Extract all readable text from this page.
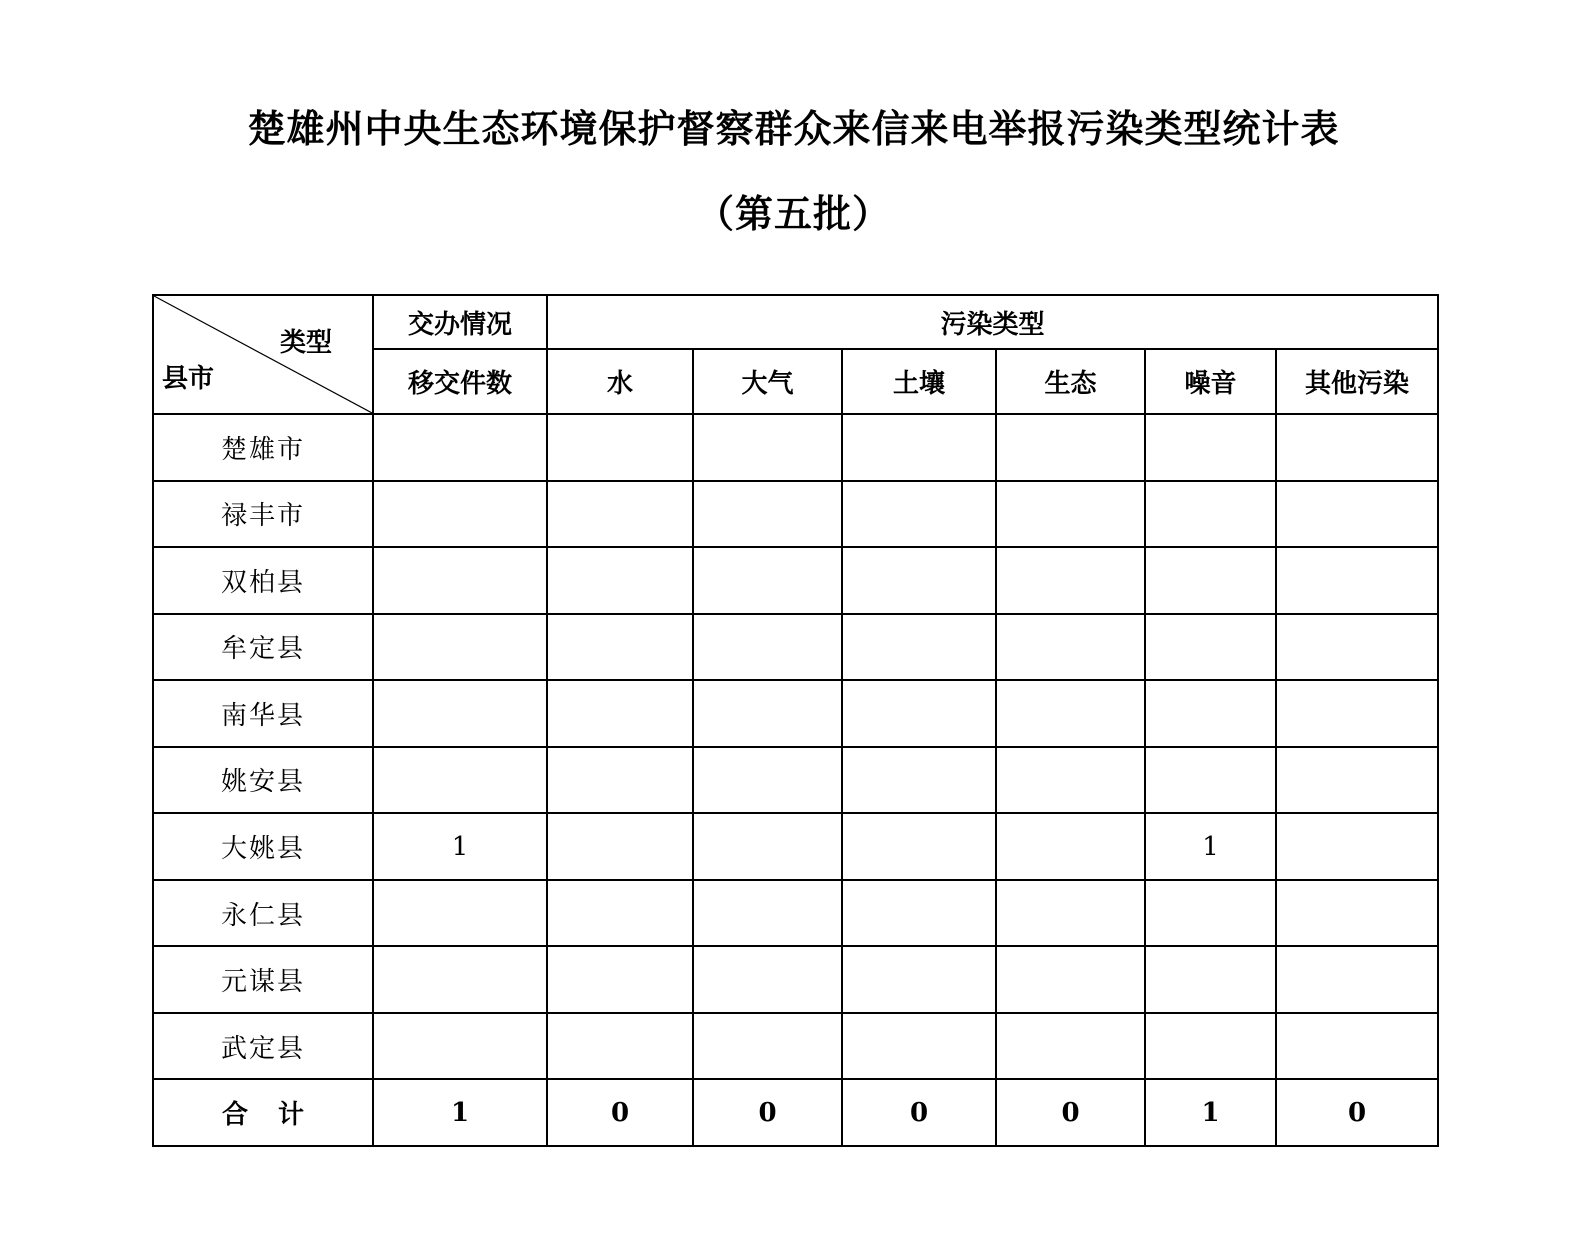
楚雄州中央生态环境保护督察群众来信来电举报污染类型统计表
（第五批）
类型
县市	交办情况	污染类型					
	移交件数	水	大气	土壤	生态	噪音	其他污染
楚雄市							
禄丰市							
双柏县							
牟定县							
南华县							
姚安县							
大姚县	1					1	
永仁县							
元谋县							
武定县							
合计	1	0	0	0	0	1	0
